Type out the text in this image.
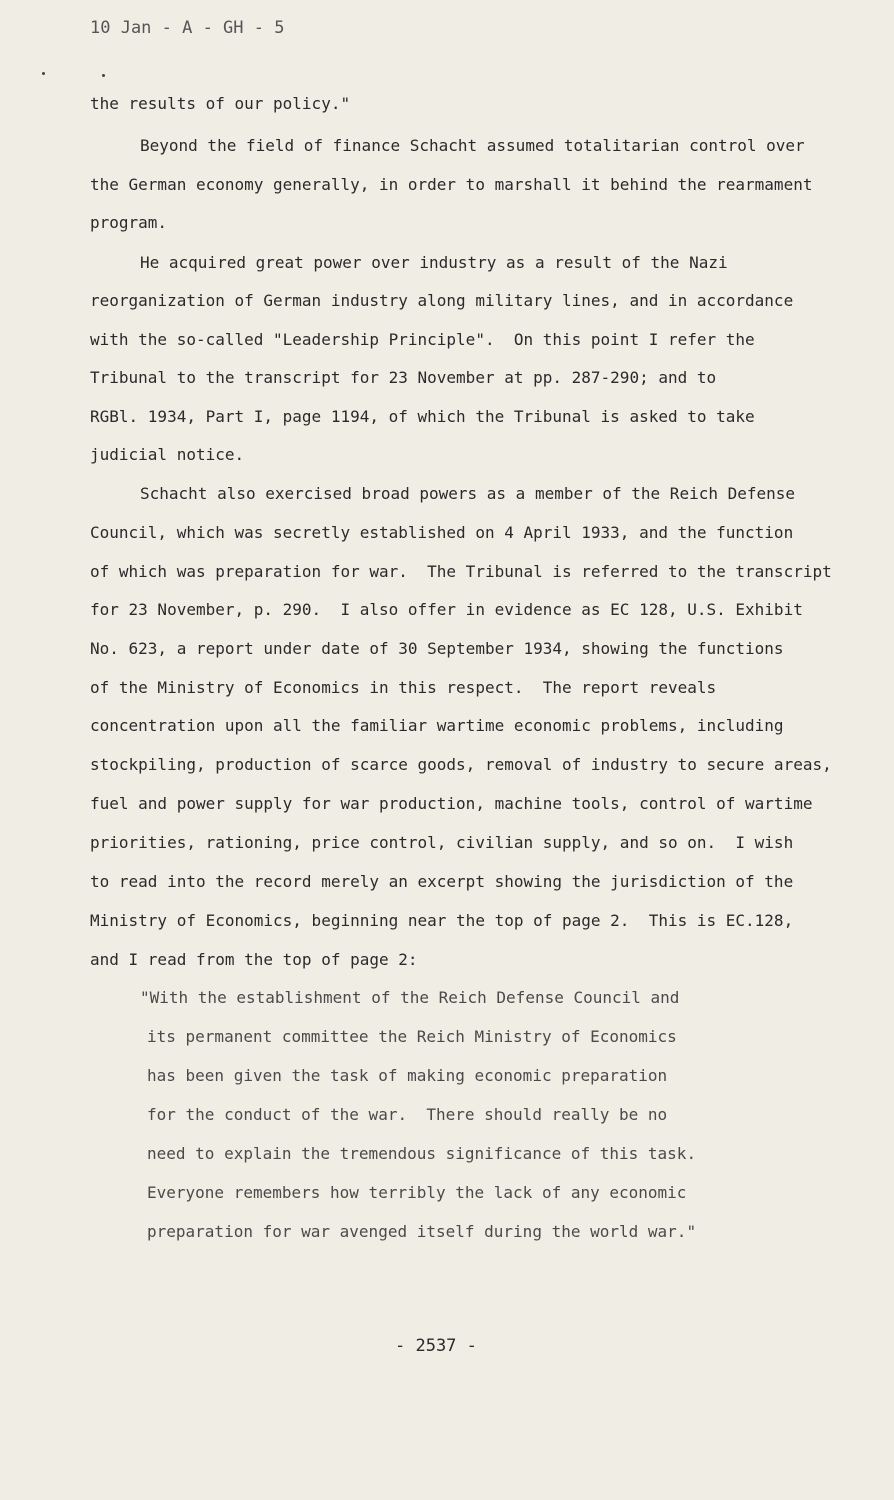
10 Jan - A - GH - 5
the results of our policy."
Beyond the field of finance Schacht assumed totalitarian control over
the German economy generally, in order to marshall it behind the rearmament
program.
He acquired great power over industry as a result of the Nazi
reorganization of German industry along military lines, and in accordance
with the so-called "Leadership Principle".  On this point I refer the
Tribunal to the transcript for 23 November at pp. 287-290; and to
RGBl. 1934, Part I, page 1194, of which the Tribunal is asked to take
judicial notice.
Schacht also exercised broad powers as a member of the Reich Defense
Council, which was secretly established on 4 April 1933, and the function
of which was preparation for war.  The Tribunal is referred to the transcript
for 23 November, p. 290.  I also offer in evidence as EC 128, U.S. Exhibit
No. 623, a report under date of 30 September 1934, showing the functions
of the Ministry of Economics in this respect.  The report reveals
concentration upon all the familiar wartime economic problems, including
stockpiling, production of scarce goods, removal of industry to secure areas,
fuel and power supply for war production, machine tools, control of wartime
priorities, rationing, price control, civilian supply, and so on.  I wish
to read into the record merely an excerpt showing the jurisdiction of the
Ministry of Economics, beginning near the top of page 2.  This is EC.128,
and I read from the top of page 2:
"With the establishment of the Reich Defense Council and
its permanent committee the Reich Ministry of Economics
has been given the task of making economic preparation
for the conduct of the war.  There should really be no
need to explain the tremendous significance of this task.
Everyone remembers how terribly the lack of any economic
preparation for war avenged itself during the world war."
- 2537 -
